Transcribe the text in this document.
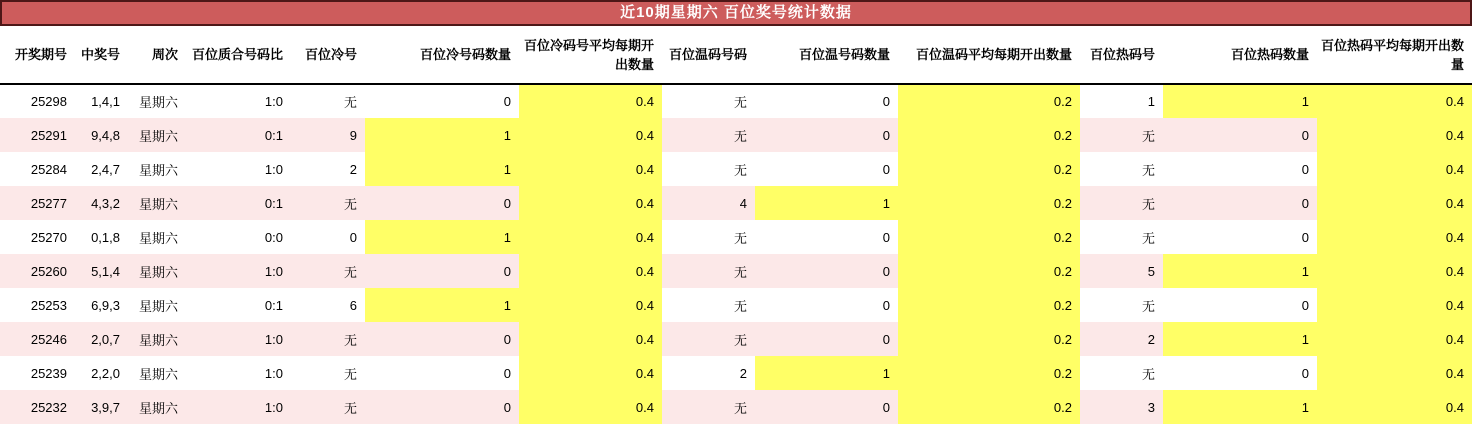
近10期星期六 百位奖号统计数据
开奖期号	中奖号	周次	百位质合号码比	百位冷号	百位冷号码数量	百位冷码号平均每期开出数量	百位温码号码	百位温号码数量	百位温码平均每期开出数量	百位热码号	百位热码数量	百位热码平均每期开出数量
25298	1,4,1	星期六	1:0	无	0	0.4	无	0	0.2	1	1	0.4
25291	9,4,8	星期六	0:1	9	1	0.4	无	0	0.2	无	0	0.4
25284	2,4,7	星期六	1:0	2	1	0.4	无	0	0.2	无	0	0.4
25277	4,3,2	星期六	0:1	无	0	0.4	4	1	0.2	无	0	0.4
25270	0,1,8	星期六	0:0	0	1	0.4	无	0	0.2	无	0	0.4
25260	5,1,4	星期六	1:0	无	0	0.4	无	0	0.2	5	1	0.4
25253	6,9,3	星期六	0:1	6	1	0.4	无	0	0.2	无	0	0.4
25246	2,0,7	星期六	1:0	无	0	0.4	无	0	0.2	2	1	0.4
25239	2,2,0	星期六	1:0	无	0	0.4	2	1	0.2	无	0	0.4
25232	3,9,7	星期六	1:0	无	0	0.4	无	0	0.2	3	1	0.4
